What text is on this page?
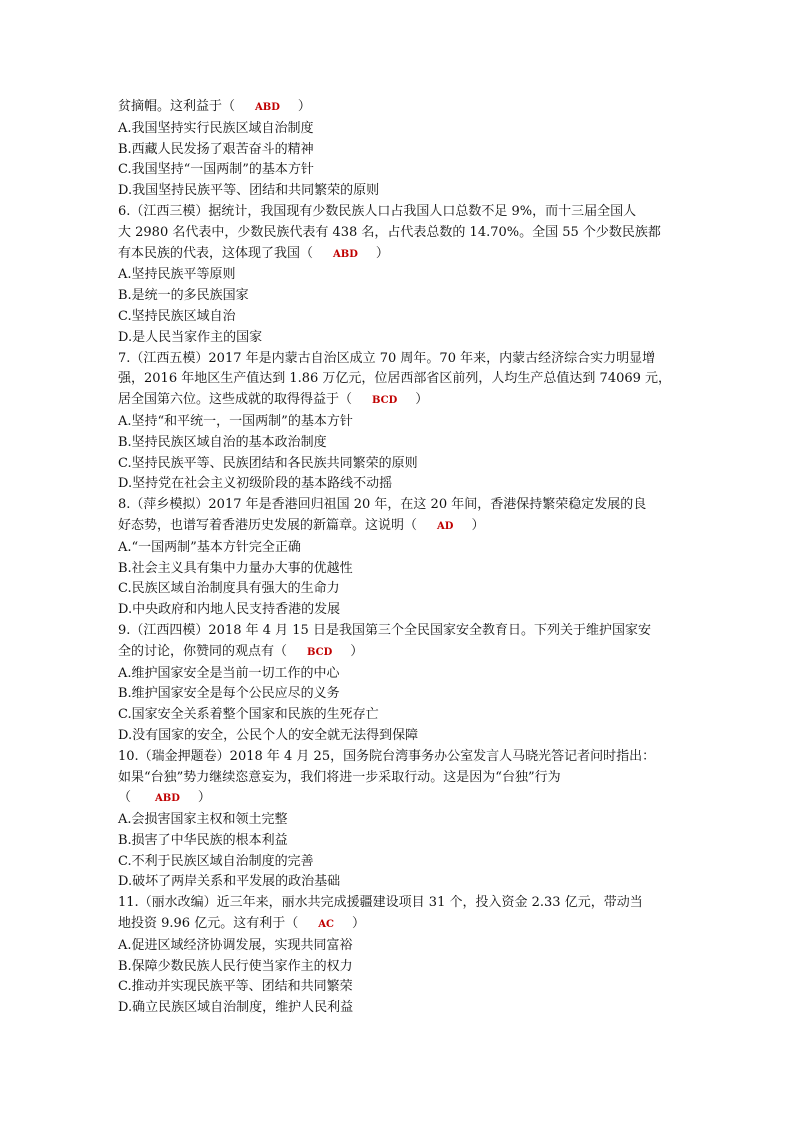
贫摘帽。这利益于（ ABD ）
A.我国坚持实行民族区域自治制度
B.西藏人民发扬了艰苦奋斗的精神
C.我国坚持“一国两制”的基本方针
D.我国坚持民族平等、团结和共同繁荣的原则
6.（江西三模）据统计，我国现有少数民族人口占我国人口总数不足 9%，而十三届全国人
大 2980 名代表中，少数民族代表有 438 名，占代表总数的 14.70%。全国 55 个少数民族都
有本民族的代表，这体现了我国（ ABD ）
A.坚持民族平等原则
B.是统一的多民族国家
C.坚持民族区域自治
D.是人民当家作主的国家
7.（江西五模）2017 年是内蒙古自治区成立 70 周年。70 年来，内蒙古经济综合实力明显增
强，2016 年地区生产值达到 1.86 万亿元，位居西部省区前列，人均生产总值达到 74069 元，
居全国第六位。这些成就的取得得益于（ BCD ）
A.坚持“和平统一，一国两制”的基本方针
B.坚持民族区域自治的基本政治制度
C.坚持民族平等、民族团结和各民族共同繁荣的原则
D.坚持党在社会主义初级阶段的基本路线不动摇
8.（萍乡模拟）2017 年是香港回归祖国 20 年，在这 20 年间，香港保持繁荣稳定发展的良
好态势，也谱写着香港历史发展的新篇章。这说明（ AD ）
A.“一国两制”基本方针完全正确
B.社会主义具有集中力量办大事的优越性
C.民族区域自治制度具有强大的生命力
D.中央政府和内地人民支持香港的发展
9.（江西四模）2018 年 4 月 15 日是我国第三个全民国家安全教育日。下列关于维护国家安
全的讨论，你赞同的观点有（ BCD ）
A.维护国家安全是当前一切工作的中心
B.维护国家安全是每个公民应尽的义务
C.国家安全关系着整个国家和民族的生死存亡
D.没有国家的安全，公民个人的安全就无法得到保障
10.（瑞金押题卷）2018 年 4 月 25，国务院台湾事务办公室发言人马晓光答记者问时指出：
如果“台独”势力继续恣意妄为，我们将进一步采取行动。这是因为“台独”行为
（ ABD ）
A.会损害国家主权和领土完整
B.损害了中华民族的根本利益
C.不利于民族区域自治制度的完善
D.破坏了两岸关系和平发展的政治基础
11.（丽水改编）近三年来，丽水共完成援疆建设项目 31 个，投入资金 2.33 亿元，带动当
地投资 9.96 亿元。这有利于（ AC ）
A.促进区域经济协调发展，实现共同富裕
B.保障少数民族人民行使当家作主的权力
C.推动并实现民族平等、团结和共同繁荣
D.确立民族区域自治制度，维护人民利益
